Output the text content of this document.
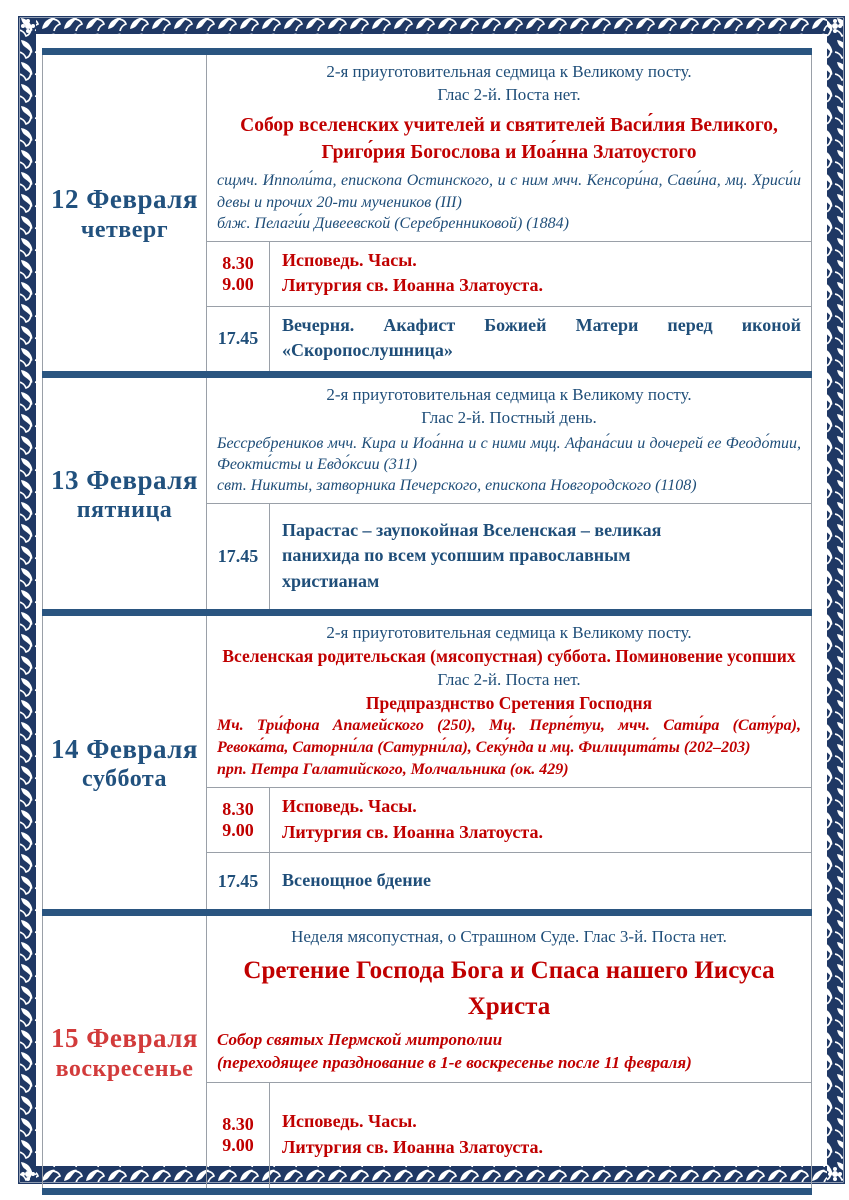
12 Февраля
четверг
2-я приуготовительная седмица к Великому посту.
Глас 2-й. Поста нет.
Собор вселенских учителей и святителей Васи́лия Великого, Григо́рия Богослова и Иоа́нна Златоустого
сщмч. Ипполи́та, епископа Остинского, и с ним мчч. Кенсори́на, Сави́на, мц. Хриси́и девы и прочих 20-ти мучеников (III)
блж. Пелаги́и Дивеевской (Серебренниковой) (1884)
8.30
9.00
Исповедь. Часы.
Литургия св. Иоанна Златоуста.
17.45
Вечерня. Акафист Божией Матери перед иконой «Скоропослушница»
13 Февраля
пятница
2-я приуготовительная седмица к Великому посту.
Глас 2-й. Постный день.
Бессребреников мчч. Кира и Иоа́нна и с ними мцц. Афана́сии и дочерей ее Феодо́тии, Феокти́сты и Евдо́ксии (311)
свт. Никиты, затворника Печерского, епископа Новгородского (1108)
17.45
Парастас – заупокойная Вселенская – великая панихида по всем усопшим православным христианам
14 Февраля
суббота
2-я приуготовительная седмица к Великому посту.
Вселенская родительская (мясопустная) суббота. Поминовение усопших
Глас 2-й. Поста нет.
Предпразднство Сретения Господня
Мч. Три́фона Апамейского (250), Мц. Перпе́туи, мчч. Сати́ра (Сату́ра), Ревока́та, Саторни́ла (Сатурни́ла), Секу́нда и мц. Филицита́ты (202–203)
прп. Петра Галатийского, Молчальника (ок. 429)
8.30
9.00
Исповедь. Часы.
Литургия св. Иоанна Златоуста.
17.45 Всенощное бдение
15 Февраля
воскресенье
Неделя мясопустная, о Страшном Суде. Глас 3-й. Поста нет.
Сретение Господа Бога и Спаса нашего Иисуса Христа
Собор святых Пермской митрополии
(переходящее празднование в 1-е воскресенье после 11 февраля)
8.30
9.00
Исповедь. Часы.
Литургия св. Иоанна Златоуста.
